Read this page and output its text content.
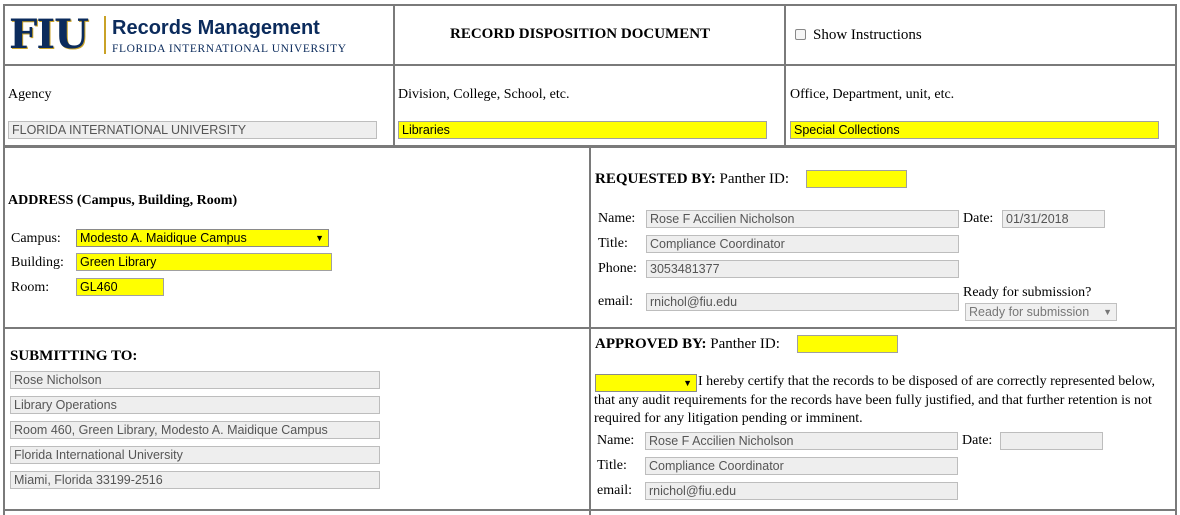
FIU Records Management
FLORIDA INTERNATIONAL UNIVERSITY
RECORD DISPOSITION DOCUMENT	Show Instructions
Agency
FLORIDA INTERNATIONAL UNIVERSITY
Division, College, School, etc.
Libraries
Office, Department, unit, etc.
Special Collections
ADDRESS (Campus, Building, Room)
Campus:	Modesto A. Maidique Campus	▼
Building:	Green Library
Room:	GL460
REQUESTED BY: Panther ID:
Name:	Rose F Accilien Nicholson	Date:	01/31/2018
Title:	Compliance Coordinator
Phone:	3053481377
email:	rnichol@fiu.edu
Ready for submission?
Ready for submission ▼
SUBMITTING TO:
Rose Nicholson
Library Operations
Room 460, Green Library, Modesto A. Maidique Campus
Florida International University
Miami, Florida 33199-2516
APPROVED BY: Panther ID:
▼ I hereby certify that the records to be disposed of are correctly represented below, that any audit requirements for the records have been fully justified, and that further retention is not required for any litigation pending or imminent.
Name:	Rose F Accilien Nicholson	Date:
Title:	Compliance Coordinator
email:	rnichol@fiu.edu
